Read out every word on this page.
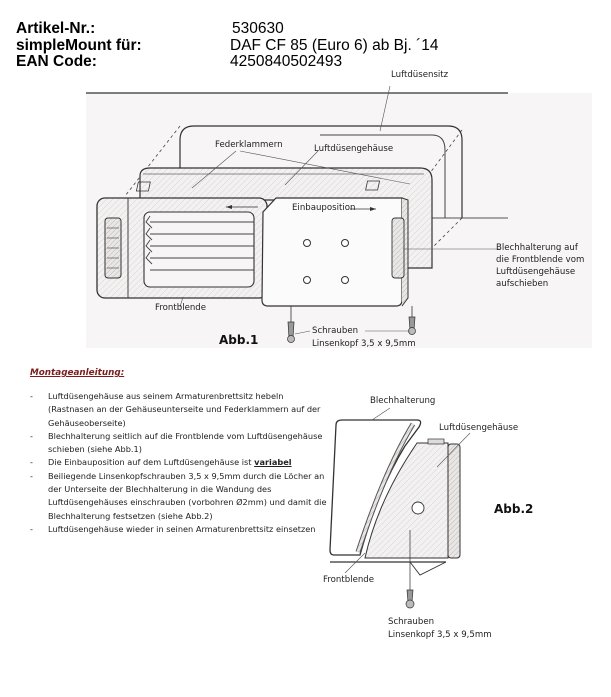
Artikel-Nr.:	530630
simpleMount für:	DAF CF 85 (Euro 6) ab Bj. ´14
EAN Code:	4250840502493
Luftdüsensitz
Federklammern	Luftdüsengehäuse
Einbauposition
Blechhalterung auf
die Frontblende vom
Luftdüsengehäuse
aufschieben
Frontblende
Schrauben
Linsenkopf 3,5 x 9,5mm
Abb.1
Montageanleitung:
- Luftdüsengehäuse aus seinem Armaturenbrettsitz hebeln (Rastnasen an der Gehäuseunterseite und Federklammern auf der Gehäuseoberseite)
- Blechhalterung seitlich auf die Frontblende vom Luftdüsengehäuse schieben (siehe Abb.1)
- Die Einbauposition auf dem Luftdüsengehäuse ist variabel
- Beiliegende Linsenkopfschrauben 3,5 x 9,5mm durch die Löcher an der Unterseite der Blechhalterung in die Wandung des Luftdüsengehäuses einschrauben (vorbohren Ø2mm) und damit die Blechhalterung festsetzen (siehe Abb.2)
- Luftdüsengehäuse wieder in seinen Armaturenbrettsitz einsetzen
Blechhalterung
Luftdüsengehäuse
Frontblende
Schrauben
Linsenkopf 3,5 x 9,5mm
Abb.2
